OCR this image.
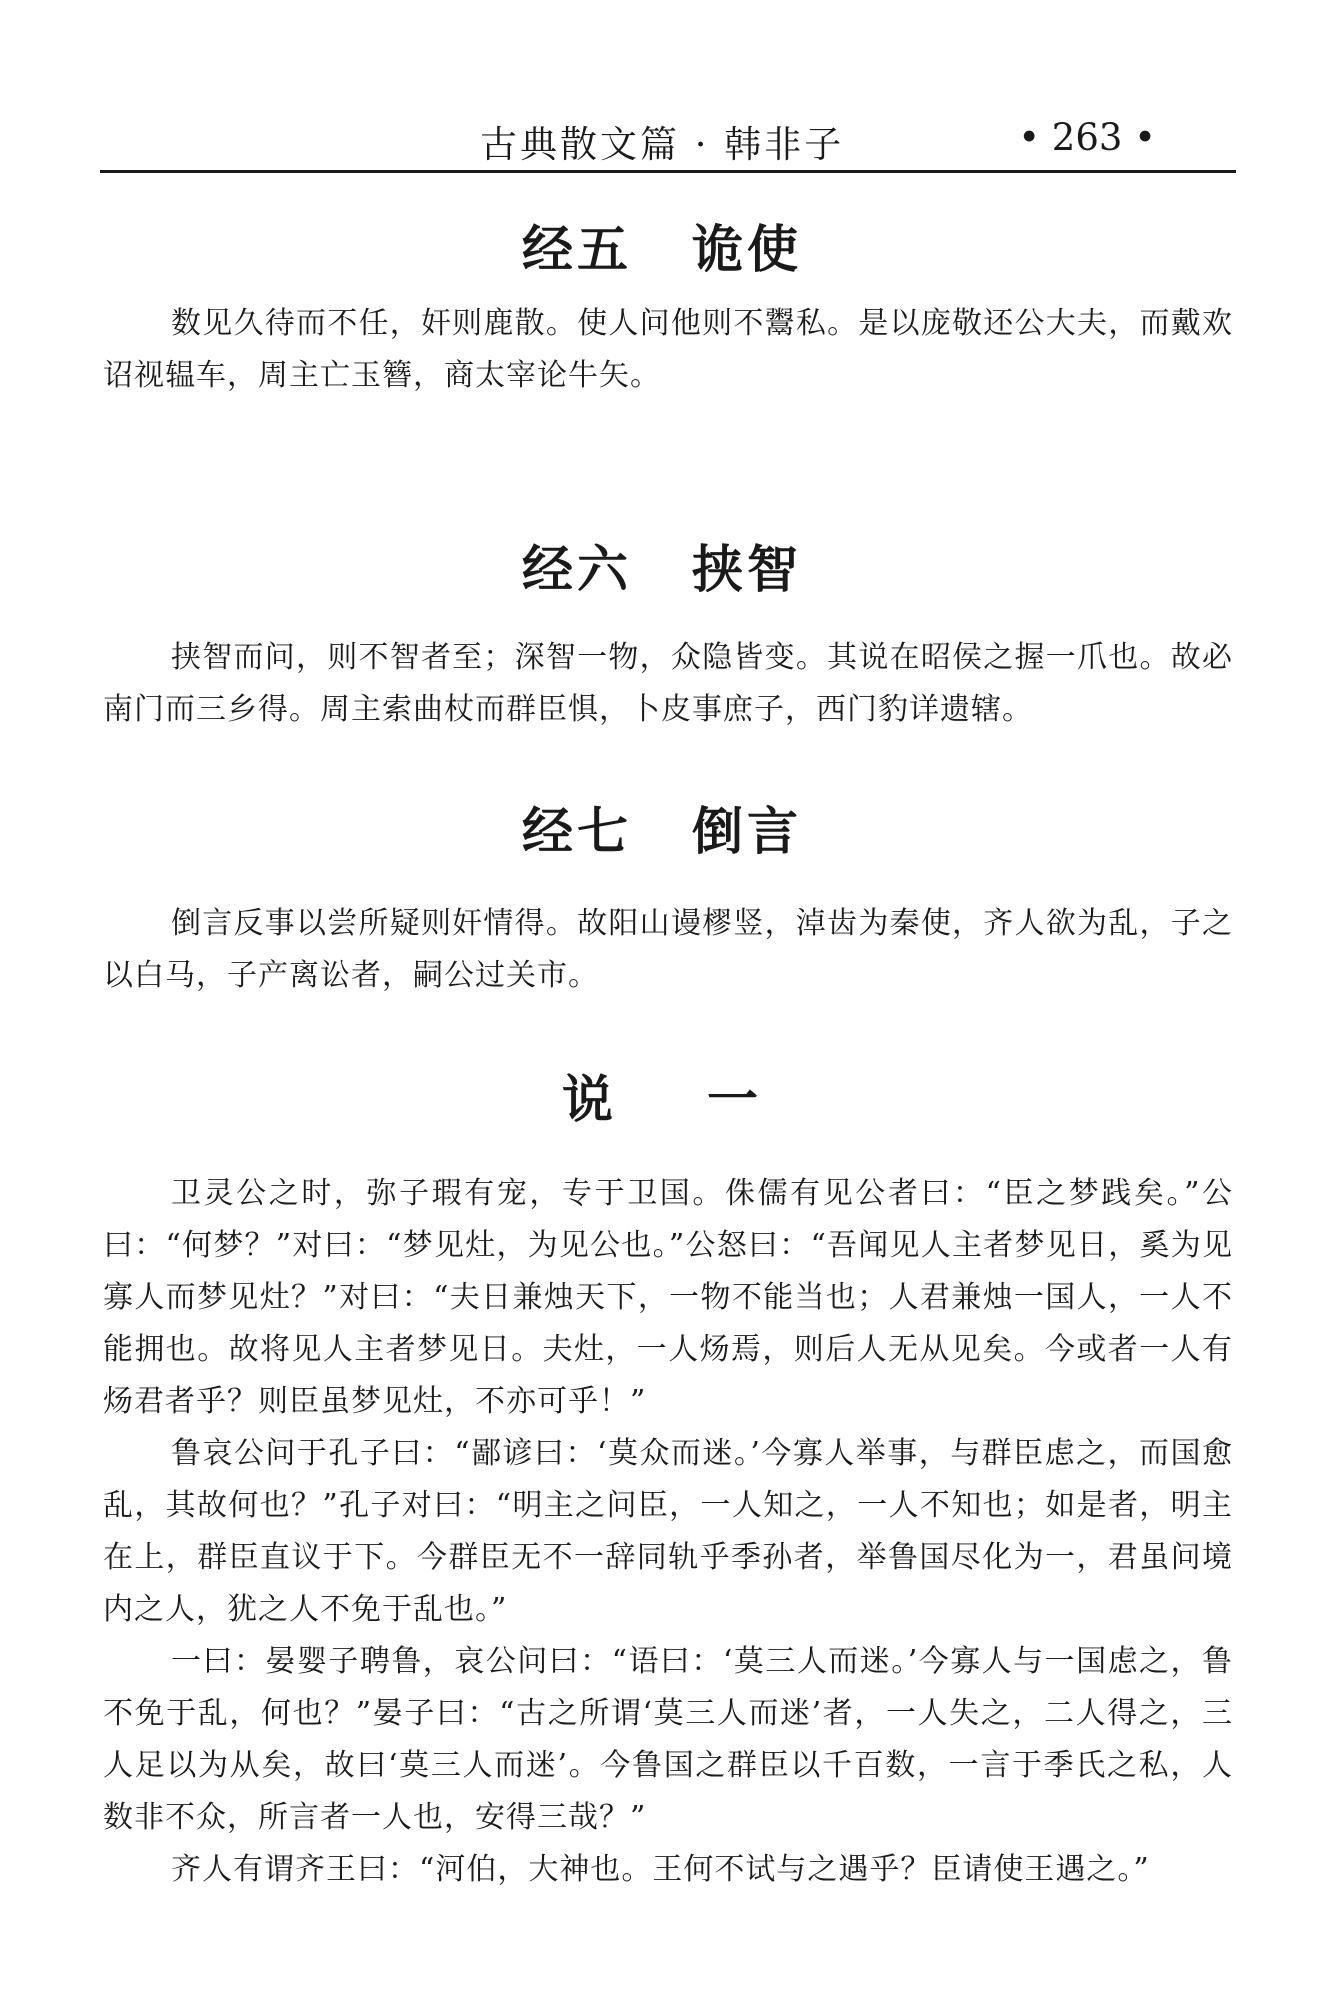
古典散文篇 · 韩非子	• 263 •
经五 诡使
数见久待而不任，奸则鹿散。使人问他则不鬻私。是以庞敬还公大夫，而戴欢诏视辒车，周主亡玉簪，商太宰论牛矢。
经六 挟智
挟智而问，则不智者至；深智一物，众隐皆变。其说在昭侯之握一爪也。故必南门而三乡得。周主索曲杖而群臣惧，卜皮事庶子，西门豹详遗辖。
经七 倒言
倒言反事以尝所疑则奸情得。故阳山谩樛竖，淖齿为秦使，齐人欲为乱，子之以白马，子产离讼者，嗣公过关市。
说 一
卫灵公之时，弥子瑕有宠，专于卫国。侏儒有见公者曰：“臣之梦践矣。”公曰：“何梦？”对曰：“梦见灶，为见公也。”公怒曰：“吾闻见人主者梦见日，奚为见寡人而梦见灶？”对曰：“夫日兼烛天下，一物不能当也；人君兼烛一国人，一人不能拥也。故将见人主者梦见日。夫灶，一人炀焉，则后人无从见矣。今或者一人有炀君者乎？则臣虽梦见灶，不亦可乎！”
鲁哀公问于孔子曰：“鄙谚曰：‘莫众而迷。’今寡人举事，与群臣虑之，而国愈乱，其故何也？”孔子对曰：“明主之问臣，一人知之，一人不知也；如是者，明主在上，群臣直议于下。今群臣无不一辞同轨乎季孙者，举鲁国尽化为一，君虽问境内之人，犹之人不免于乱也。”
一曰：晏婴子聘鲁，哀公问曰：“语曰：‘莫三人而迷。’今寡人与一国虑之，鲁不免于乱，何也？”晏子曰：“古之所谓‘莫三人而迷’者，一人失之，二人得之，三人足以为从矣，故曰‘莫三人而迷’。今鲁国之群臣以千百数，一言于季氏之私，人数非不众，所言者一人也，安得三哉？”
齐人有谓齐王曰：“河伯，大神也。王何不试与之遇乎？臣请使王遇之。”
